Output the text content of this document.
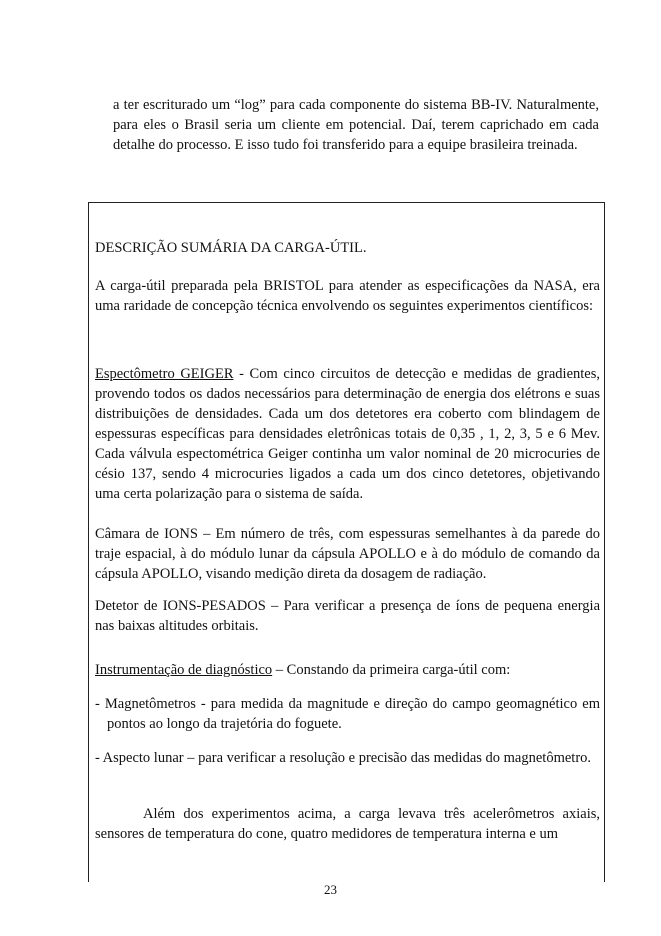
a ter escriturado um “log” para cada componente do sistema BB-IV. Naturalmente, para eles o Brasil seria um cliente em potencial. Daí, terem caprichado em cada detalhe do processo. E isso tudo foi transferido para a equipe brasileira treinada.

DESCRIÇÃO SUMÁRIA DA CARGA-ÚTIL.

A carga-útil preparada pela BRISTOL para atender as especificações da NASA, era uma raridade de concepção técnica envolvendo os seguintes experimentos científicos:

Espectômetro GEIGER - Com cinco circuitos de detecção e medidas de gradientes, provendo todos os dados necessários para determinação de energia dos elétrons e suas distribuições de densidades. Cada um dos detetores era coberto com blindagem de espessuras específicas para densidades eletrônicas totais de 0,35 , 1, 2, 3, 5 e 6 Mev. Cada válvula espectométrica Geiger continha um valor nominal de 20 microcuries de césio 137, sendo 4 microcuries ligados a cada um dos cinco detetores, objetivando uma certa polarização para o sistema de saída.

Câmara de IONS – Em número de três, com espessuras semelhantes à da parede do traje espacial, à do módulo lunar da cápsula APOLLO e à do módulo de comando da cápsula APOLLO, visando medição direta da dosagem de radiação.

Detetor de IONS-PESADOS – Para verificar a presença de íons de pequena energia nas baixas altitudes orbitais.

Instrumentação de diagnóstico – Constando da primeira carga-útil com:

- Magnetômetros - para medida da magnitude e direção do campo geomagnético em pontos ao longo da trajetória do foguete.

- Aspecto lunar – para verificar a resolução e precisão das medidas do magnetômetro.

Além dos experimentos acima, a carga levava três acelerômetros axiais, sensores de temperatura do cone, quatro medidores de temperatura interna e um

23
